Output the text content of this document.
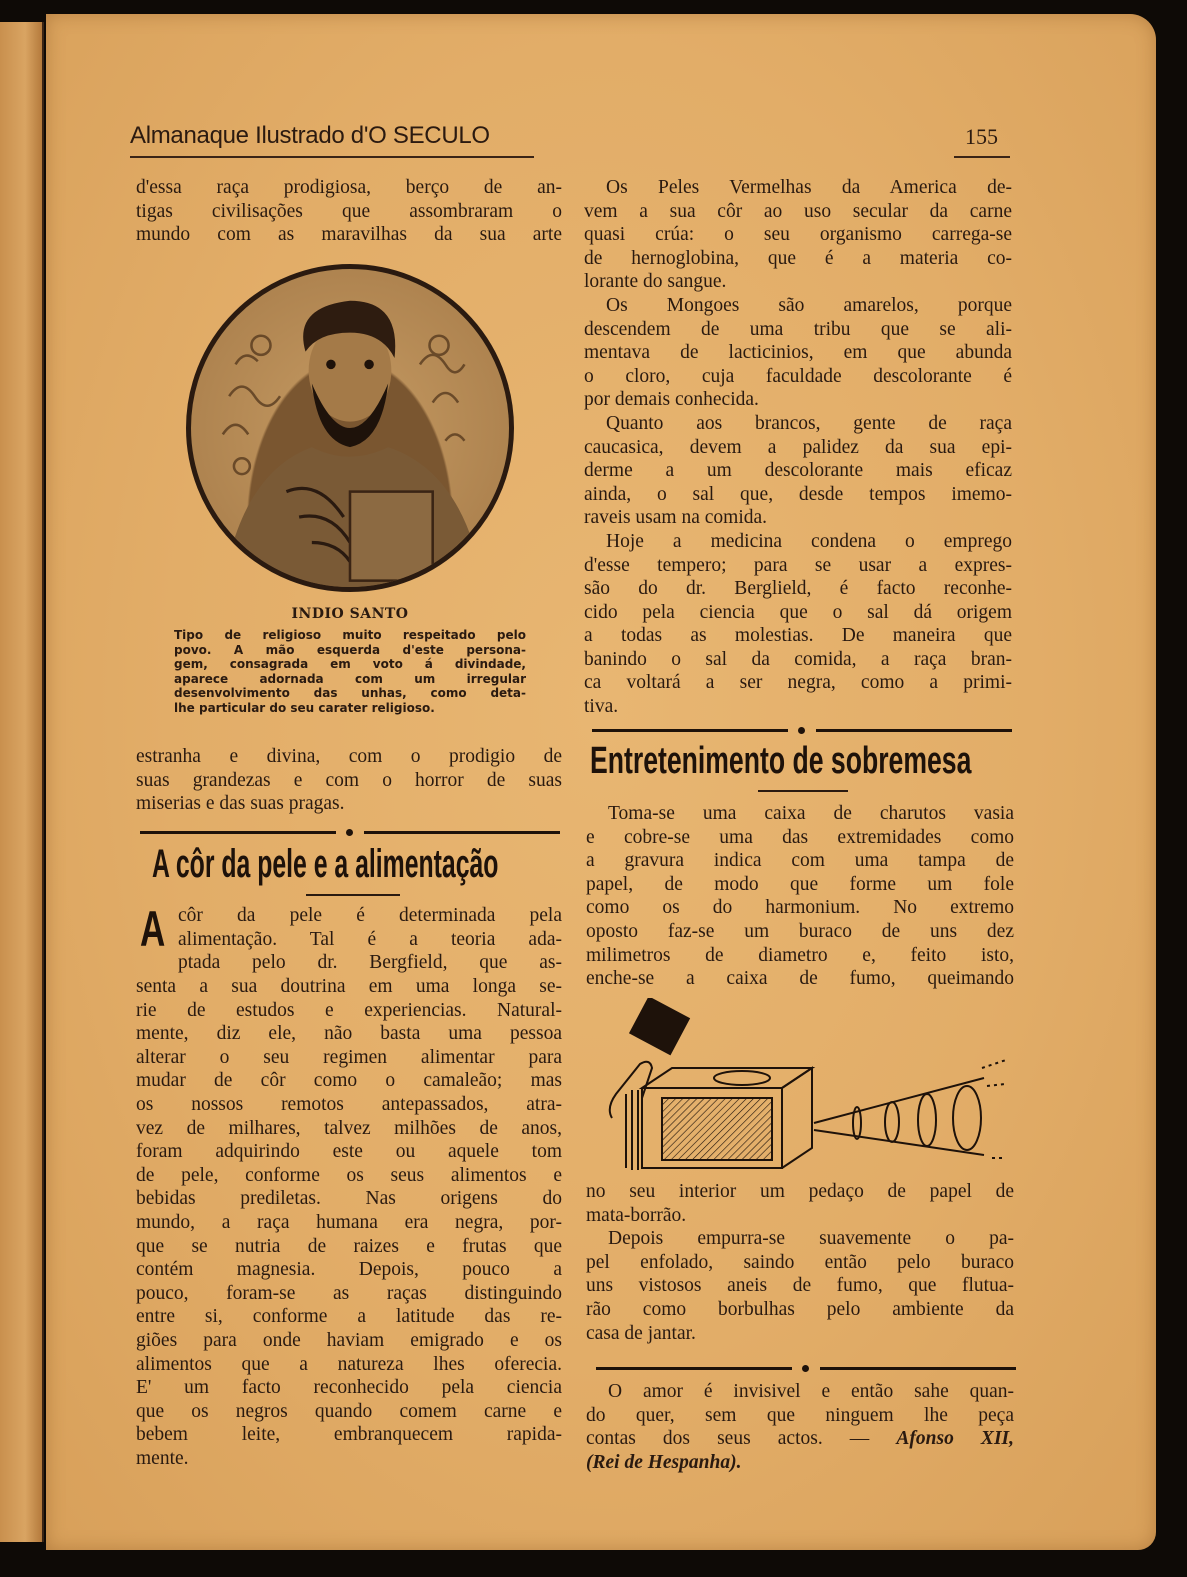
Almanaque Ilustrado d'O SECULO	155
d'essa raça prodigiosa, berço de an-
tigas civilisações que assombraram o
mundo com as maravilhas da sua arte
INDIO SANTO
Tipo de religioso muito respeitado pelo
povo. A mão esquerda d'este persona-
gem, consagrada em voto á divindade,
aparece adornada com um irregular
desenvolvimento das unhas, como deta-
lhe particular do seu carater religioso.
estranha e divina, com o prodigio de
suas grandezas e com o horror de suas
miserias e das suas pragas.
A côr da pele e a alimentação
A côr da pele é determinada pela
alimentação. Tal é a teoria ada-
ptada pelo dr. Bergfield, que as-
senta a sua doutrina em uma longa se-
rie de estudos e experiencias. Natural-
mente, diz ele, não basta uma pessoa
alterar o seu regimen alimentar para
mudar de côr como o camaleão; mas
os nossos remotos antepassados, atra-
vez de milhares, talvez milhões de anos,
foram adquirindo este ou aquele tom
de pele, conforme os seus alimentos e
bebidas prediletas. Nas origens do
mundo, a raça humana era negra, por-
que se nutria de raizes e frutas que
contém magnesia. Depois, pouco a
pouco, foram-se as raças distinguindo
entre si, conforme a latitude das re-
giões para onde haviam emigrado e os
alimentos que a natureza lhes oferecia.
E' um facto reconhecido pela ciencia
que os negros quando comem carne e
bebem leite, embranquecem rapida-
mente.
Os Peles Vermelhas da America de-
vem a sua côr ao uso secular da carne
quasi crúa: o seu organismo carrega-se
de hernoglobina, que é a materia co-
lorante do sangue.
Os Mongoes são amarelos, porque
descendem de uma tribu que se ali-
mentava de lacticinios, em que abunda
o cloro, cuja faculdade descolorante é
por demais conhecida.
Quanto aos brancos, gente de raça
caucasica, devem a palidez da sua epi-
derme a um descolorante mais eficaz
ainda, o sal que, desde tempos imemo-
raveis usam na comida.
Hoje a medicina condena o emprego
d'esse tempero; para se usar a expres-
são do dr. Berglield, é facto reconhe-
cido pela ciencia que o sal dá origem
a todas as molestias. De maneira que
banindo o sal da comida, a raça bran-
ca voltará a ser negra, como a primi-
tiva.
Entretenimento de sobremesa
Toma-se uma caixa de charutos vasia
e cobre-se uma das extremidades como
a gravura indica com uma tampa de
papel, de modo que forme um fole
como os do harmonium. No extremo
oposto faz-se um buraco de uns dez
milimetros de diametro e, feito isto,
enche-se a caixa de fumo, queimando
no seu interior um pedaço de papel de
mata-borrão.
Depois empurra-se suavemente o pa-
pel enfolado, saindo então pelo buraco
uns vistosos aneis de fumo, que flutua-
rão como borbulhas pelo ambiente da
casa de jantar.
O amor é invisivel e então sahe quan-
do quer, sem que ninguem lhe peça
contas dos seus actos. — Afonso XII,
(Rei de Hespanha).
